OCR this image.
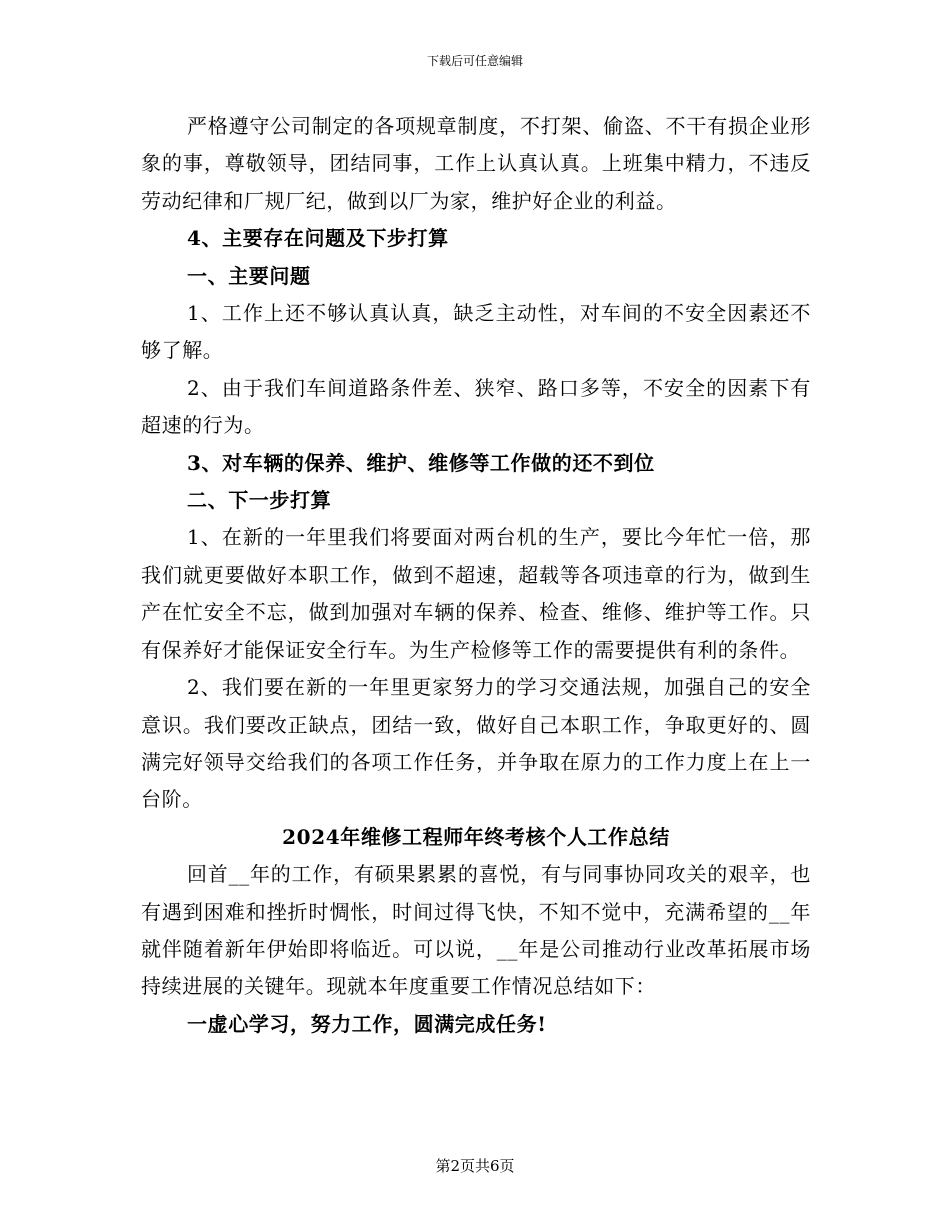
下载后可任意编辑

严格遵守公司制定的各项规章制度，不打架、偷盗、不干有损企业形象的事，尊敬领导，团结同事，工作上认真认真。上班集中精力，不违反劳动纪律和厂规厂纪，做到以厂为家，维护好企业的利益。

4、主要存在问题及下步打算

一、主要问题

1、工作上还不够认真认真，缺乏主动性，对车间的不安全因素还不够了解。

2、由于我们车间道路条件差、狭窄、路口多等，不安全的因素下有超速的行为。

3、对车辆的保养、维护、维修等工作做的还不到位

二、下一步打算

1、在新的一年里我们将要面对两台机的生产，要比今年忙一倍，那我们就更要做好本职工作，做到不超速，超载等各项违章的行为，做到生产在忙安全不忘，做到加强对车辆的保养、检查、维修、维护等工作。只有保养好才能保证安全行车。为生产检修等工作的需要提供有利的条件。

2、我们要在新的一年里更家努力的学习交通法规，加强自己的安全意识。我们要改正缺点，团结一致，做好自己本职工作，争取更好的、圆满完好领导交给我们的各项工作任务，并争取在原力的工作力度上在上一台阶。

2024年维修工程师年终考核个人工作总结

回首__年的工作，有硕果累累的喜悦，有与同事协同攻关的艰辛，也有遇到困难和挫折时惆怅，时间过得飞快，不知不觉中，充满希望的__年就伴随着新年伊始即将临近。可以说，__年是公司推动行业改革拓展市场持续进展的关键年。现就本年度重要工作情况总结如下：

一虚心学习，努力工作，圆满完成任务!

第2页共6页
